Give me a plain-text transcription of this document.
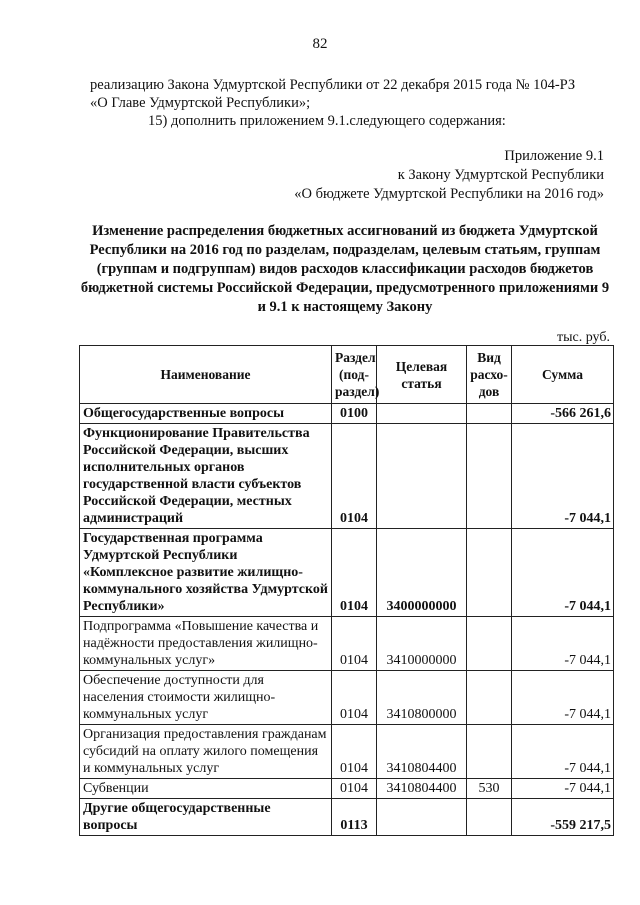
82
реализацию Закона Удмуртской Республики от 22 декабря 2015 года № 104-РЗ
«О Главе Удмуртской Республики»;
15) дополнить приложением 9.1.следующего содержания:
Приложение 9.1
к Закону Удмуртской Республики
«О бюджете Удмуртской Республики на 2016 год»
Изменение распределения бюджетных ассигнований из бюджета Удмуртской Республики на 2016 год по разделам, подразделам, целевым статьям, группам (группам и подгруппам) видов расходов классификации расходов бюджетов бюджетной системы Российской Федерации, предусмотренного приложениями 9 и 9.1 к настоящему Закону
тыс. руб.
Наименование	Раздел (под-раздел)	Целевая статья	Вид расхо-дов	Сумма
Общегосударственные вопросы	0100			-566 261,6
Функционирование Правительства Российской Федерации, высших исполнительных органов государственной власти субъектов Российской Федерации, местных администраций	0104			-7 044,1
Государственная программа Удмуртской Республики «Комплексное развитие жилищно-коммунального хозяйства Удмуртской Республики»	0104	3400000000		-7 044,1
Подпрограмма «Повышение качества и надёжности предоставления жилищно-коммунальных услуг»	0104	3410000000		-7 044,1
Обеспечение доступности для населения стоимости жилищно-коммунальных услуг	0104	3410800000		-7 044,1
Организация предоставления гражданам субсидий на оплату жилого помещения и коммунальных услуг	0104	3410804400		-7 044,1
Субвенции	0104	3410804400	530	-7 044,1
Другие общегосударственные вопросы	0113			-559 217,5
